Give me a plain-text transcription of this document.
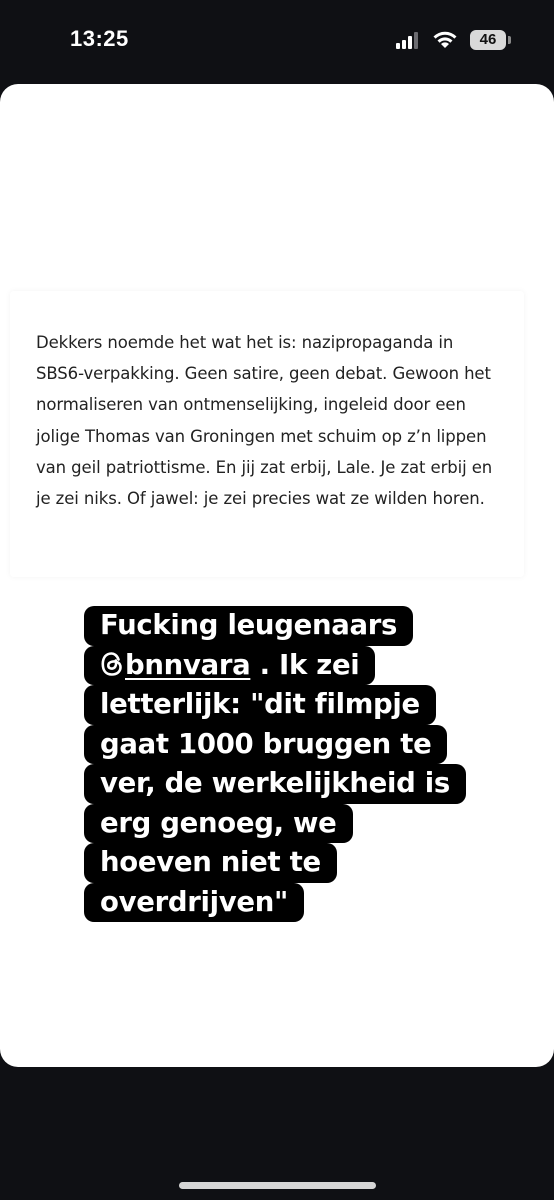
13:25	46
Dekkers noemde het wat het is: nazipropaganda in SBS6-verpakking. Geen satire, geen debat. Gewoon het normaliseren van ontmenselijking, ingeleid door een jolige Thomas van Groningen met schuim op z’n lippen van geil patriottisme. En jij zat erbij, Lale. Je zat erbij en je zei niks. Of jawel: je zei precies wat ze wilden horen.
Fucking leugenaars
bnnvara . Ik zei
letterlijk: "dit filmpje
gaat 1000 bruggen te
ver, de werkelijkheid is
erg genoeg, we
hoeven niet te
overdrijven"
